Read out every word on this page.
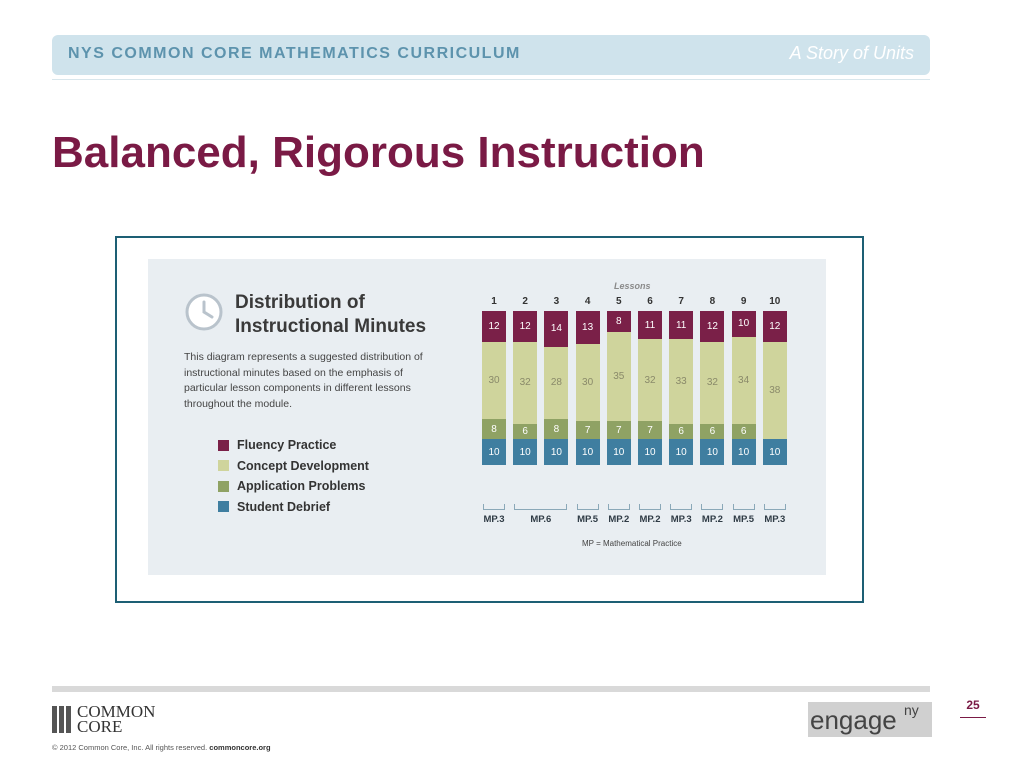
NYS COMMON CORE MATHEMATICS CURRICULUM	A Story of Units
Balanced, Rigorous Instruction
Distribution of
Instructional Minutes
This diagram represents a suggested distribution of instructional minutes based on the emphasis of particular lesson components in different lessons throughout the module.
Fluency Practice
Concept Development
Application Problems
Student Debrief
Lessons
1
12
30
8
10
2
12
32
6
10
3
14
28
8
10
4
13
30
7
10
5
8
35
7
10
6
11
32
7
10
7
11
33
6
10
8
12
32
6
10
9
10
34
6
10
10
12
38
10
MP.3	MP.6	MP.5 MP.2 MP.2 MP.3 MP.2 MP.5 MP.3
MP = Mathematical Practice
COMMON
CORE
© 2012 Common Core, Inc. All rights reserved. commoncore.org
engage ny	25
